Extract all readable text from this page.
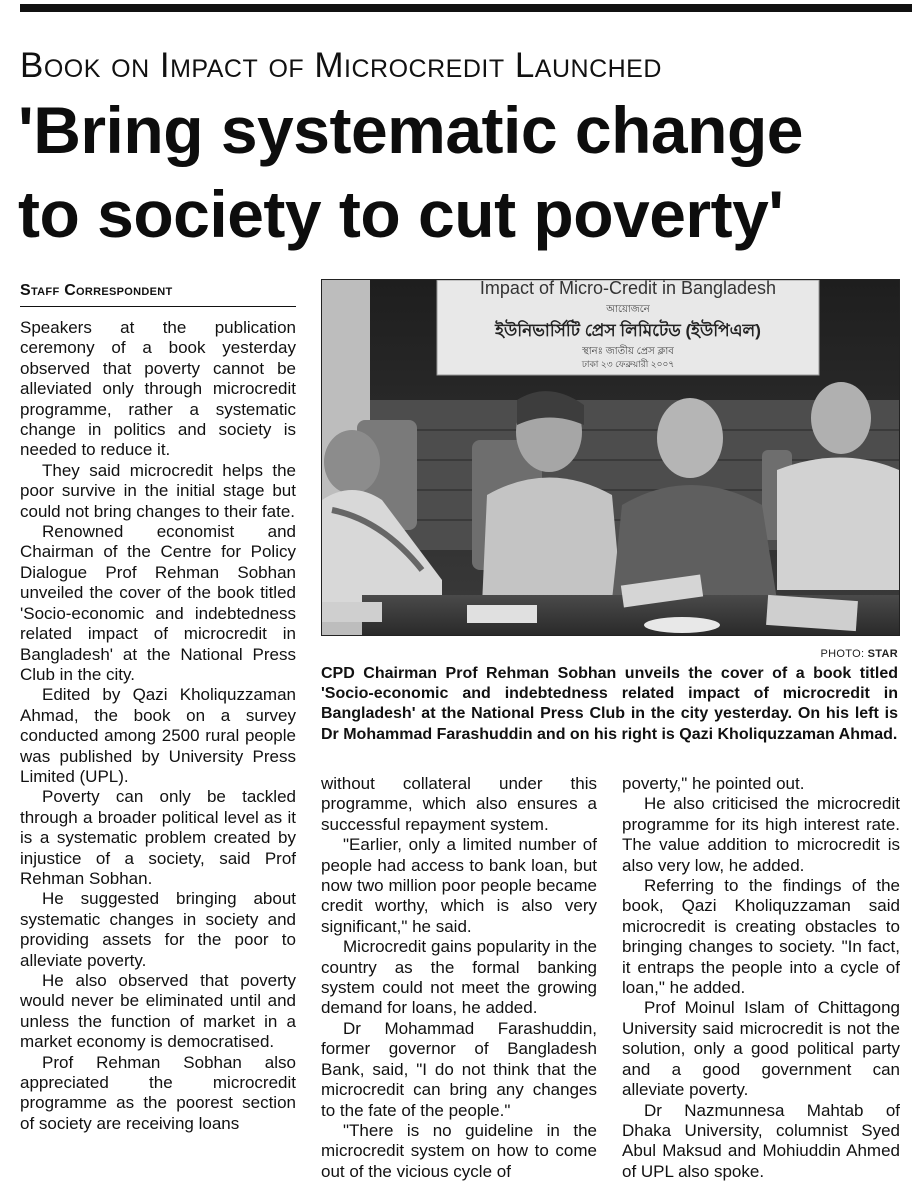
Book on Impact of Microcredit Launched
'Bring systematic change
to society to cut poverty'
Staff Correspondent

Speakers at the publication ceremony of a book yesterday observed that poverty cannot be alleviated only through microcredit programme, rather a systematic change in politics and society is needed to reduce it.

They said microcredit helps the poor survive in the initial stage but could not bring changes to their fate.

Renowned economist and Chairman of the Centre for Policy Dialogue Prof Rehman Sobhan unveiled the cover of the book titled 'Socio-economic and indebtedness related impact of microcredit in Bangladesh' at the National Press Club in the city.

Edited by Qazi Kholiquzzaman Ahmad, the book on a survey conducted among 2500 rural people was published by University Press Limited (UPL).

Poverty can only be tackled through a broader political level as it is a systematic problem created by injustice of a society, said Prof Rehman Sobhan.

He suggested bringing about systematic changes in society and providing assets for the poor to alleviate poverty.

He also observed that poverty would never be eliminated until and unless the function of market in a market economy is democratised.

Prof Rehman Sobhan also appreciated the microcredit programme as the poorest section of society are receiving loans

Impact of Micro-Credit in Bangladesh
আয়োজনে
ইউনিভার্সিটি প্রেস লিমিটেড (ইউপিএল)
স্থানঃ জাতীয় প্রেস ক্লাব
ঢাকা ২৩ ফেব্রুয়ারী ২০০৭
PHOTO: STAR
CPD Chairman Prof Rehman Sobhan unveils the cover of a book titled 'Socio-economic and indebtedness related impact of microcredit in Bangladesh' at the National Press Club in the city yesterday. On his left is Dr Mohammad Farashuddin and on his right is Qazi Kholiquzzaman Ahmad.

without collateral under this programme, which also ensures a successful repayment system.

"Earlier, only a limited number of people had access to bank loan, but now two million poor people became credit worthy, which is also very significant," he said.

Microcredit gains popularity in the country as the formal banking system could not meet the growing demand for loans, he added.

Dr Mohammad Farashuddin, former governor of Bangladesh Bank, said, "I do not think that the microcredit can bring any changes to the fate of the people."

"There is no guideline in the microcredit system on how to come out of the vicious cycle of

poverty," he pointed out.

He also criticised the microcredit programme for its high interest rate. The value addition to microcredit is also very low, he added.

Referring to the findings of the book, Qazi Kholiquzzaman said microcredit is creating obstacles to bringing changes to society. "In fact, it entraps the people into a cycle of loan," he added.

Prof Moinul Islam of Chittagong University said microcredit is not the solution, only a good political party and a good government can alleviate poverty.

Dr Nazmunnesa Mahtab of Dhaka University, columnist Syed Abul Maksud and Mohiuddin Ahmed of UPL also spoke.
